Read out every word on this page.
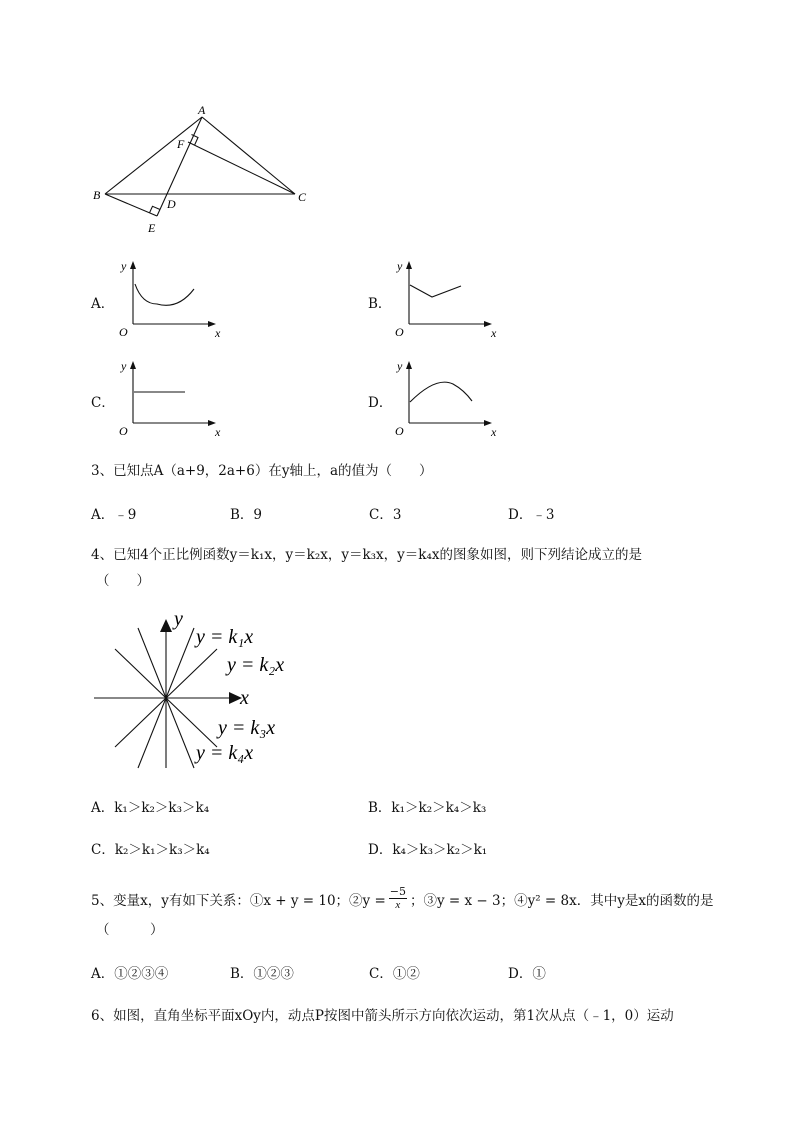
A
B	C
D
E
F
A．
y
O	x
B．
y
O	x
C．
y
O	x
D．
y
O	x
3、已知点A（a+9，2a+6）在y轴上，a的值为（　　）
A．﹣9	B．9	C．3	D．﹣3
4、已知4个正比例函数y＝k₁x，y＝k₂x，y＝k₃x，y＝k₄x的图象如图，则下列结论成立的是
（　　）
y
x
y = k₁x
y = k₂x
y = k₃x
y = k₄x
A．k₁＞k₂＞k₃＞k₄	B．k₁＞k₂＞k₄＞k₃
C．k₂＞k₁＞k₃＞k₄	D．k₄＞k₃＞k₂＞k₁
5、变量x，y有如下关系：①x + y = 10；②y = $\frac{-5}{x}$ ；③y = x − 3；④y² = 8x．其中y是x的函数的是
（　　　）
A．①②③④	B．①②③	C．①②	D．①
6、如图，直角坐标平面xOy内，动点P按图中箭头所示方向依次运动，第1次从点（﹣1，0）运动
